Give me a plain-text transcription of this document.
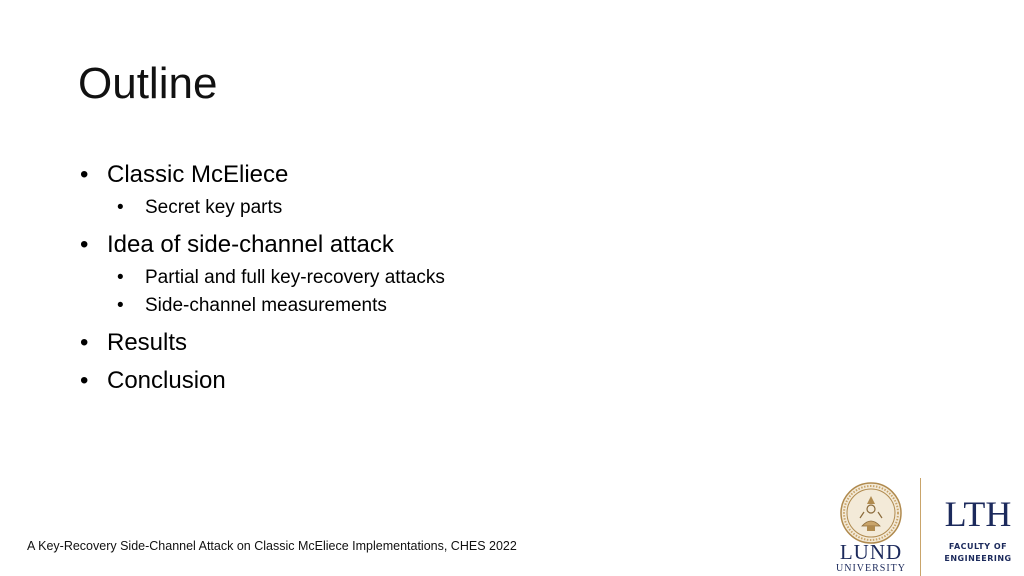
Outline
• Classic McEliece
• Secret key parts
• Idea of side-channel attack
• Partial and full key-recovery attacks
• Side-channel measurements
• Results
• Conclusion
A Key-Recovery Side-Channel Attack on Classic McEliece Implementations, CHES 2022	LUND
UNIVERSITY
LTH
FACULTY OF
ENGINEERING
